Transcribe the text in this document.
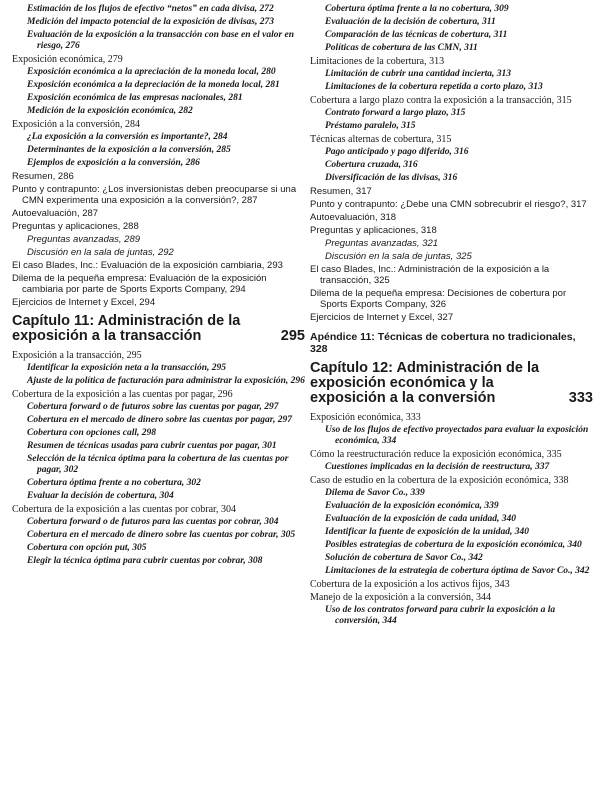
Estimación de los flujos de efectivo “netos” en cada divisa, 272
Medición del impacto potencial de la exposición de divisas, 273
Evaluación de la exposición a la transacción con base en el valor en riesgo, 276
Exposición económica, 279
Exposición económica a la apreciación de la moneda local, 280
Exposición económica a la depreciación de la moneda local, 281
Exposición económica de las empresas nacionales, 281
Medición de la exposición económica, 282
Exposición a la conversión, 284
¿La exposición a la conversión es importante?, 284
Determinantes de la exposición a la conversión, 285
Ejemplos de exposición a la conversión, 286
Resumen, 286
Punto y contrapunto: ¿Los inversionistas deben preocuparse si una CMN experimenta una exposición a la conversión?, 287
Autoevaluación, 287
Preguntas y aplicaciones, 288
Preguntas avanzadas, 289
Discusión en la sala de juntas, 292
El caso Blades, Inc.: Evaluación de la exposición cambiaria, 293
Dilema de la pequeña empresa: Evaluación de la exposición cambiaria por parte de Sports Exports Company, 294
Ejercicios de Internet y Excel, 294
Capítulo 11: Administración de la exposición a la transacción	295
Exposición a la transacción, 295
Identificar la exposición neta a la transacción, 295
Ajuste de la política de facturación para administrar la exposición, 296
Cobertura de la exposición a las cuentas por pagar, 296
Cobertura forward o de futuros sobre las cuentas por pagar, 297
Cobertura en el mercado de dinero sobre las cuentas por pagar, 297
Cobertura con opciones call, 298
Resumen de técnicas usadas para cubrir cuentas por pagar, 301
Selección de la técnica óptima para la cobertura de las cuentas por pagar, 302
Cobertura óptima frente a no cobertura, 302
Evaluar la decisión de cobertura, 304
Cobertura de la exposición a las cuentas por cobrar, 304
Cobertura forward o de futuros para las cuentas por cobrar, 304
Cobertura en el mercado de dinero sobre las cuentas por cobrar, 305
Cobertura con opción put, 305
Elegir la técnica óptima para cubrir cuentas por cobrar, 308
Cobertura óptima frente a la no cobertura, 309
Evaluación de la decisión de cobertura, 311
Comparación de las técnicas de cobertura, 311
Políticas de cobertura de las CMN, 311
Limitaciones de la cobertura, 313
Limitación de cubrir una cantidad incierta, 313
Limitaciones de la cobertura repetida a corto plazo, 313
Cobertura a largo plazo contra la exposición a la transacción, 315
Contrato forward a largo plazo, 315
Préstamo paralelo, 315
Técnicas alternas de cobertura, 315
Pago anticipado y pago diferido, 316
Cobertura cruzada, 316
Diversificación de las divisas, 316
Resumen, 317
Punto y contrapunto: ¿Debe una CMN sobrecubrir el riesgo?, 317
Autoevaluación, 318
Preguntas y aplicaciones, 318
Preguntas avanzadas, 321
Discusión en la sala de juntas, 325
El caso Blades, Inc.: Administración de la exposición a la transacción, 325
Dilema de la pequeña empresa: Decisiones de cobertura por Sports Exports Company, 326
Ejercicios de Internet y Excel, 327
Apéndice 11: Técnicas de cobertura no tradicionales, 328
Capítulo 12: Administración de la exposición económica y la exposición a la conversión	333
Exposición económica, 333
Uso de los flujos de efectivo proyectados para evaluar la exposición económica, 334
Cómo la reestructuración reduce la exposición económica, 335
Cuestiones implicadas en la decisión de reestructura, 337
Caso de estudio en la cobertura de la exposición económica, 338
Dilema de Savor Co., 339
Evaluación de la exposición económica, 339
Evaluación de la exposición de cada unidad, 340
Identificar la fuente de exposición de la unidad, 340
Posibles estrategias de cobertura de la exposición económica, 340
Solución de cobertura de Savor Co., 342
Limitaciones de la estrategia de cobertura óptima de Savor Co., 342
Cobertura de la exposición a los activos fijos, 343
Manejo de la exposición a la conversión, 344
Uso de los contratos forward para cubrir la exposición a la conversión, 344
